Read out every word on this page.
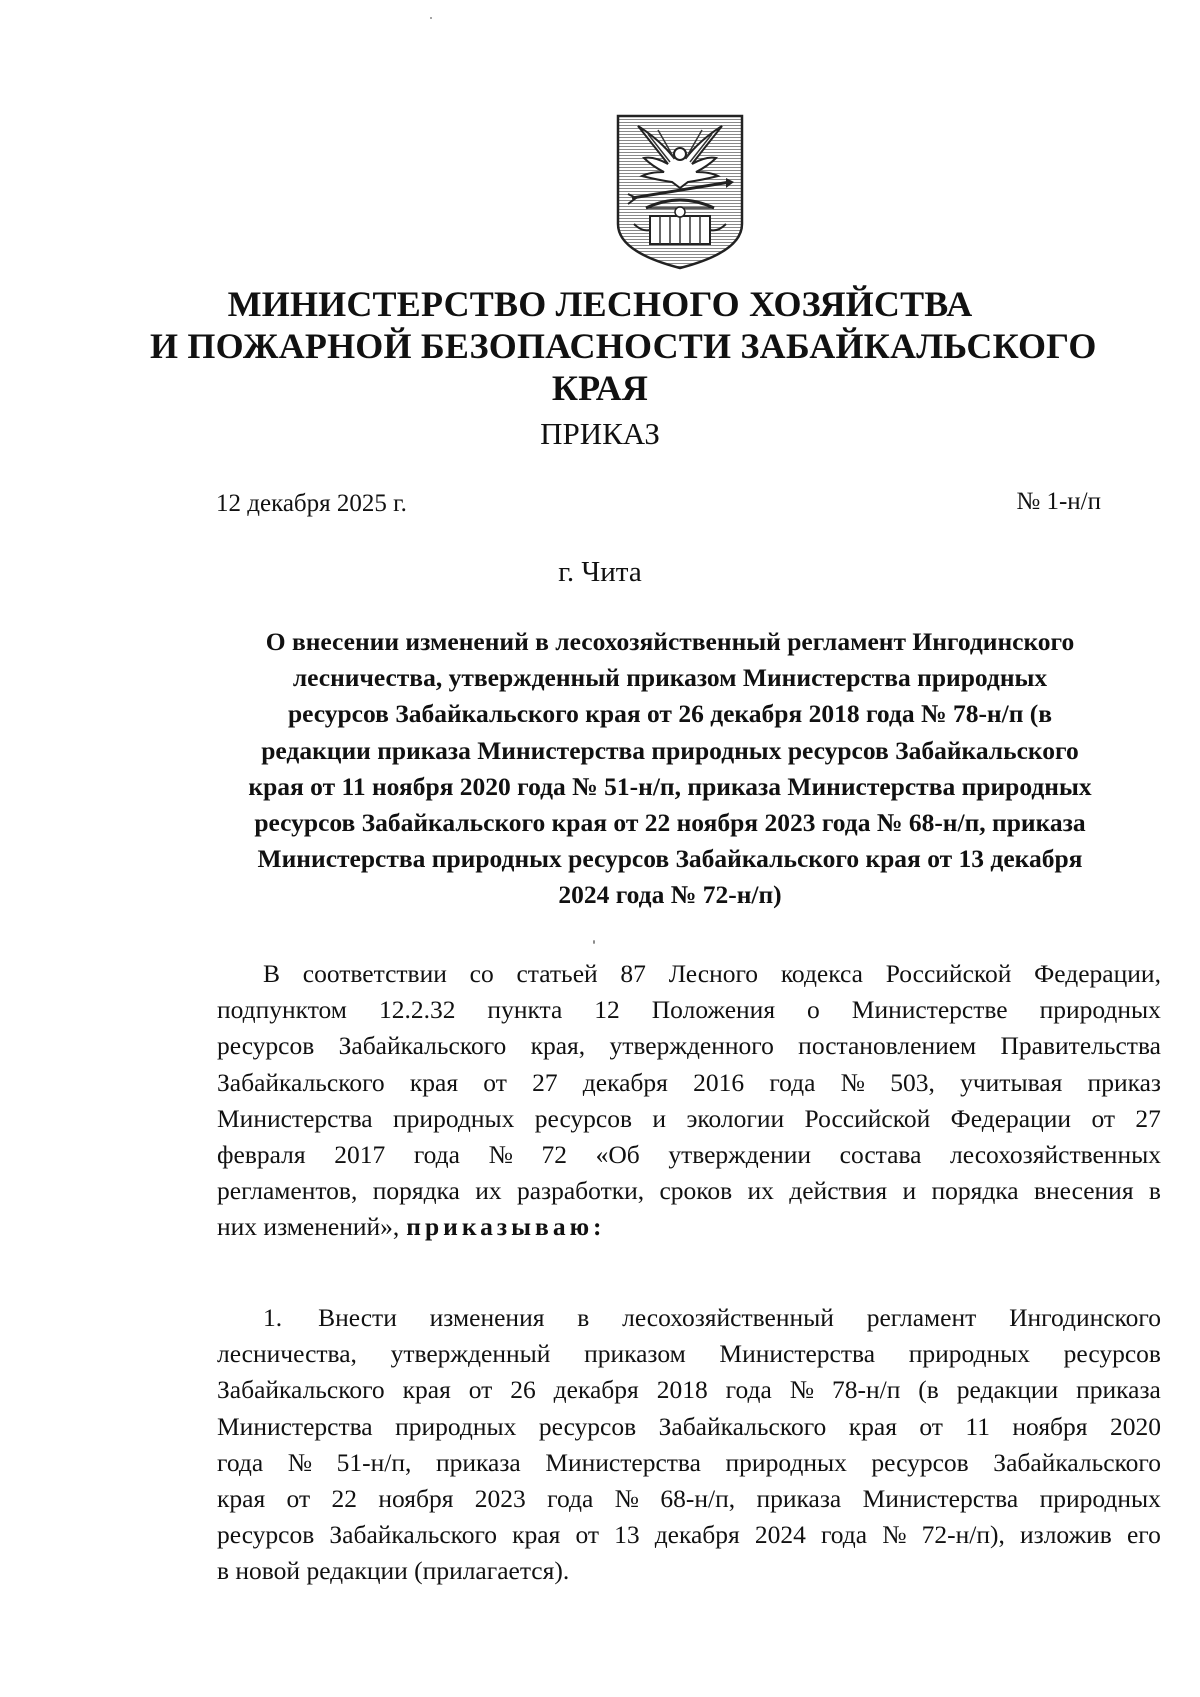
МИНИСТЕРСТВО ЛЕСНОГО ХОЗЯЙСТВА
И ПОЖАРНОЙ БЕЗОПАСНОСТИ ЗАБАЙКАЛЬСКОГО
КРАЯ
ПРИКАЗ
12 декабря 2025 г.	№ 1-н/п
г. Чита
О внесении изменений в лесохозяйственный регламент Ингодинского
лесничества, утвержденный приказом Министерства природных
ресурсов Забайкальского края от 26 декабря 2018 года № 78-н/п (в
редакции приказа Министерства природных ресурсов Забайкальского
края от 11 ноября 2020 года № 51-н/п, приказа Министерства природных
ресурсов Забайкальского края от 22 ноября 2023 года № 68-н/п, приказа
Министерства природных ресурсов Забайкальского края от 13 декабря
2024 года № 72-н/п)
В соответствии со статьей 87 Лесного кодекса Российской Федерации,
подпунктом 12.2.32 пункта 12 Положения о Министерстве природных
ресурсов Забайкальского края, утвержденного постановлением Правительства
Забайкальского края от 27 декабря 2016 года № 503, учитывая приказ
Министерства природных ресурсов и экологии Российской Федерации от 27
февраля 2017 года № 72 «Об утверждении состава лесохозяйственных
регламентов, порядка их разработки, сроков их действия и порядка внесения в
них изменений», приказываю:
1. Внести изменения в лесохозяйственный регламент Ингодинского
лесничества, утвержденный приказом Министерства природных ресурсов
Забайкальского края от 26 декабря 2018 года № 78-н/п (в редакции приказа
Министерства природных ресурсов Забайкальского края от 11 ноября 2020
года № 51-н/п, приказа Министерства природных ресурсов Забайкальского
края от 22 ноября 2023 года № 68-н/п, приказа Министерства природных
ресурсов Забайкальского края от 13 декабря 2024 года № 72-н/п), изложив его
в новой редакции (прилагается).
